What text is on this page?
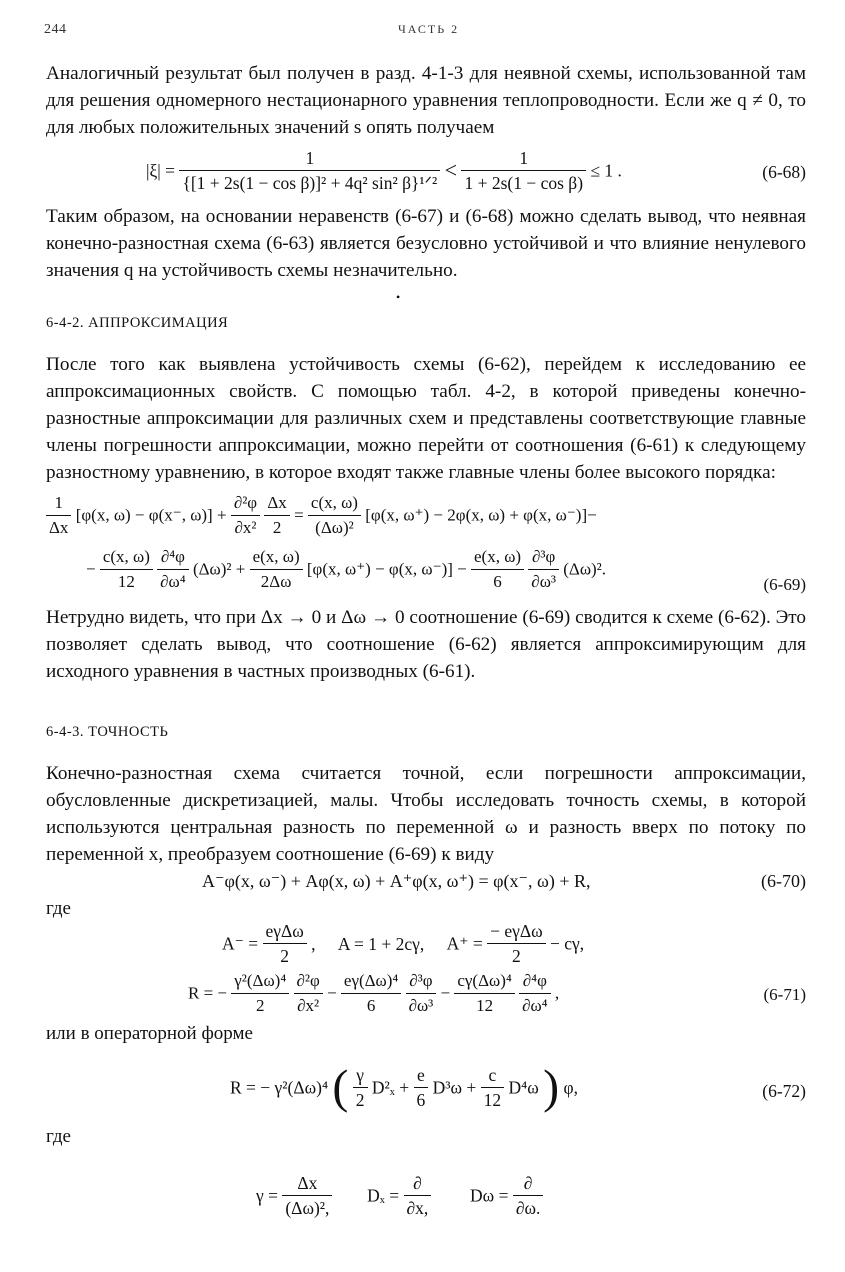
244	ЧАСТЬ 2

Аналогичный результат был получен в разд. 4-1-3 для неявной схемы, использованной там для решения одномерного нестационарного уравнения теплопроводности. Если же q ≠ 0, то для любых положительных значений s опять получаем

$|\xi| = \frac{1}{\text{\{[1 + 2s(1 − cos β)]² + 4q² sin² β\}¹ᐟ²}} < \frac{1}{\text{1 + 2s(1 − cos β)}} \le 1$ .	(6-68)

Таким образом, на основании неравенств (6-67) и (6-68) можно сделать вывод, что неявная конечно-разностная схема (6-63) является безусловно устойчивой и что влияние ненулевого значения q на устойчивость схемы незначительно.

•

6-4-2. АППРОКСИМАЦИЯ

После того как выявлена устойчивость схемы (6-62), перейдем к исследованию ее аппроксимационных свойств. С помощью табл. 4-2, в которой приведены конечно-разностные аппроксимации для различных схем и представлены соответствующие главные члены погрешности аппроксимации, можно перейти от соотношения (6-61) к следующему разностному уравнению, в которое входят также главные члены более высокого порядка:

$\frac{1}{\Delta x} [\varphi(x$, ω) − φ(x⁻, $\omega)] + \frac{\text{∂²φ}}{\text{∂x²}}$
$\frac{\Delta x}{2} = \frac{c(x, \omega)}{\text{(Δω)²}} [\varphi(x$, ω⁺) − 2φ(x, ω) + φ(x, ω⁻)]−
− $\frac{c(x, \omega)}{12}$
$\frac{\text{∂⁴φ}}{\text{∂ω⁴}} (\Delta\omega)^2 + \frac{e(x, \omega)}{2\Delta\omega} [\varphi(x$, ω⁺) − φ(x, $\omega^-)] - \frac{e(x, \omega)}{6}$
$\frac{\text{∂³φ}}{\text{∂ω³}} (\Delta\omega)^2$.
(6-69)

Нетрудно видеть, что при Δx → 0 и Δω → 0 соотношение (6-69) сводится к схеме (6-62). Это позволяет сделать вывод, что соотношение (6-62) является аппроксимирующим для исходного уравнения в частных производных (6-61).

6-4-3. ТОЧНОСТЬ

Конечно-разностная схема считается точной, если погрешности аппроксимации, обусловленные дискретизацией, малы. Чтобы исследовать точность схемы, в которой используются центральная разность по переменной ω и разность вверх по потоку по переменной x, преобразуем соотношение (6-69) к виду

A⁻φ(x, ω⁻) + Aφ(x, ω) + A⁺φ(x, ω⁺) = φ(x⁻, ω) + R,	(6-70)
где
$A^- = \frac{\text{eγΔω}}{2}$ , A = 1 + 2cγ, $A^+ = \frac{\text{− eγΔω}}{2} - c\gamma$,
R = − $\frac{\text{γ²(Δω)⁴}}{2}$
$\frac{\text{∂²φ}}{\text{∂x²}} - \frac{\text{eγ(Δω)⁴}}{6}$
$\frac{\text{∂³φ}}{\text{∂ω³}} - \frac{\text{cγ(Δω)⁴}}{12}$
$\frac{\text{∂⁴φ}}{\text{∂ω⁴}}$ ,	(6-71)
или в операторной форме
R = − γ²(Δω)⁴ ( $\frac{\gamma}{2} D^2_x + \frac{e}{6} D^3\omega + \frac{c}{12} D^4\omega$ ) φ,	(6-72)
где
$\gamma = \frac{\Delta x}{\text{(Δω)²,}}$ $D_x = \frac{\partial}{\partial x,}$ $D\omega = \frac{\partial}{\partial\omega.}$
